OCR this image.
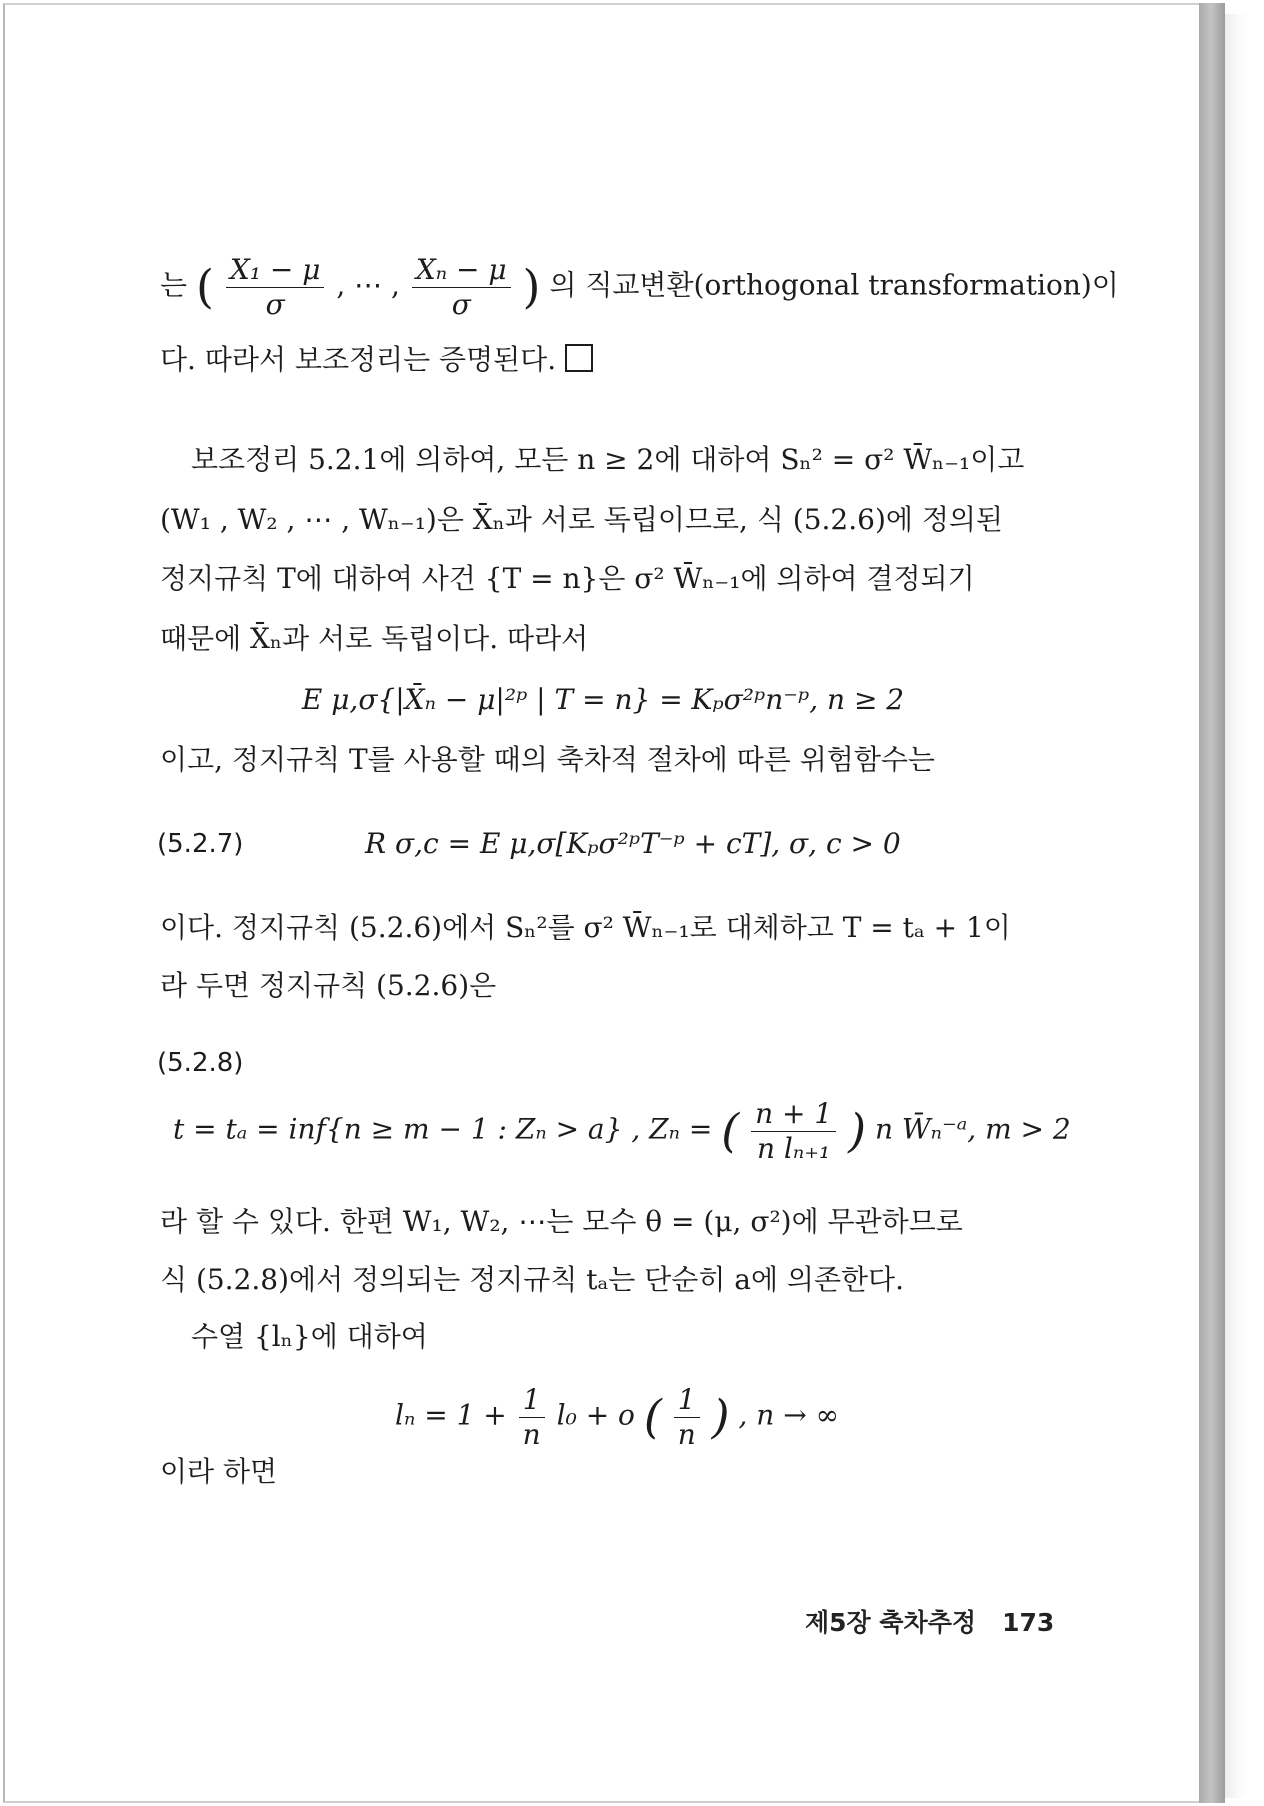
는 ( $\frac{\text{X₁ − μ}}{\sigma}$ , ⋯ , $\frac{\text{Xₙ − μ}}{\sigma}$ ) 의 직교변환(orthogonal transformation)이
다. 따라서 보조정리는 증명된다.
보조정리 5.2.1에 의하여, 모든 n ≥ 2에 대하여 Sₙ² = σ² W̄ₙ₋₁이고
(W₁ , W₂ , ⋯ , Wₙ₋₁)은 X̄ₙ과 서로 독립이므로, 식 (5.2.6)에 정의된
정지규칙 T에 대하여 사건 {T = n}은 σ² W̄ₙ₋₁에 의하여 결정되기
때문에 X̄ₙ과 서로 독립이다. 따라서
E μ,σ{|X̄ₙ − μ|²ᵖ | T = n} = Kₚσ²ᵖn⁻ᵖ, n ≥ 2
이고, 정지규칙 T를 사용할 때의 축차적 절차에 따른 위험함수는
(5.2.7)	R σ,c = E μ,σ[Kₚσ²ᵖT⁻ᵖ + cT], σ, c > 0
이다. 정지규칙 (5.2.6)에서 Sₙ²를 σ² W̄ₙ₋₁로 대체하고 T = tₐ + 1이
라 두면 정지규칙 (5.2.6)은
(5.2.8)
t = tₐ = inf{n ≥ m − 1 : Zₙ > a} , Zₙ = ( $\frac{n + 1}{\text{n lₙ₊₁}}$ ) n W̄ₙ⁻ᵃ, m > 2
라 할 수 있다. 한편 W₁, W₂, ⋯는 모수 θ = (μ, σ²)에 무관하므로
식 (5.2.8)에서 정의되는 정지규칙 tₐ는 단순히 a에 의존한다.
수열 {lₙ}에 대하여
$l_n = 1 + \frac{1}{n} l_0 + o$ ( $\frac{1}{n}$ ) , n → ∞
이라 하면
제5장 축차추정 173
